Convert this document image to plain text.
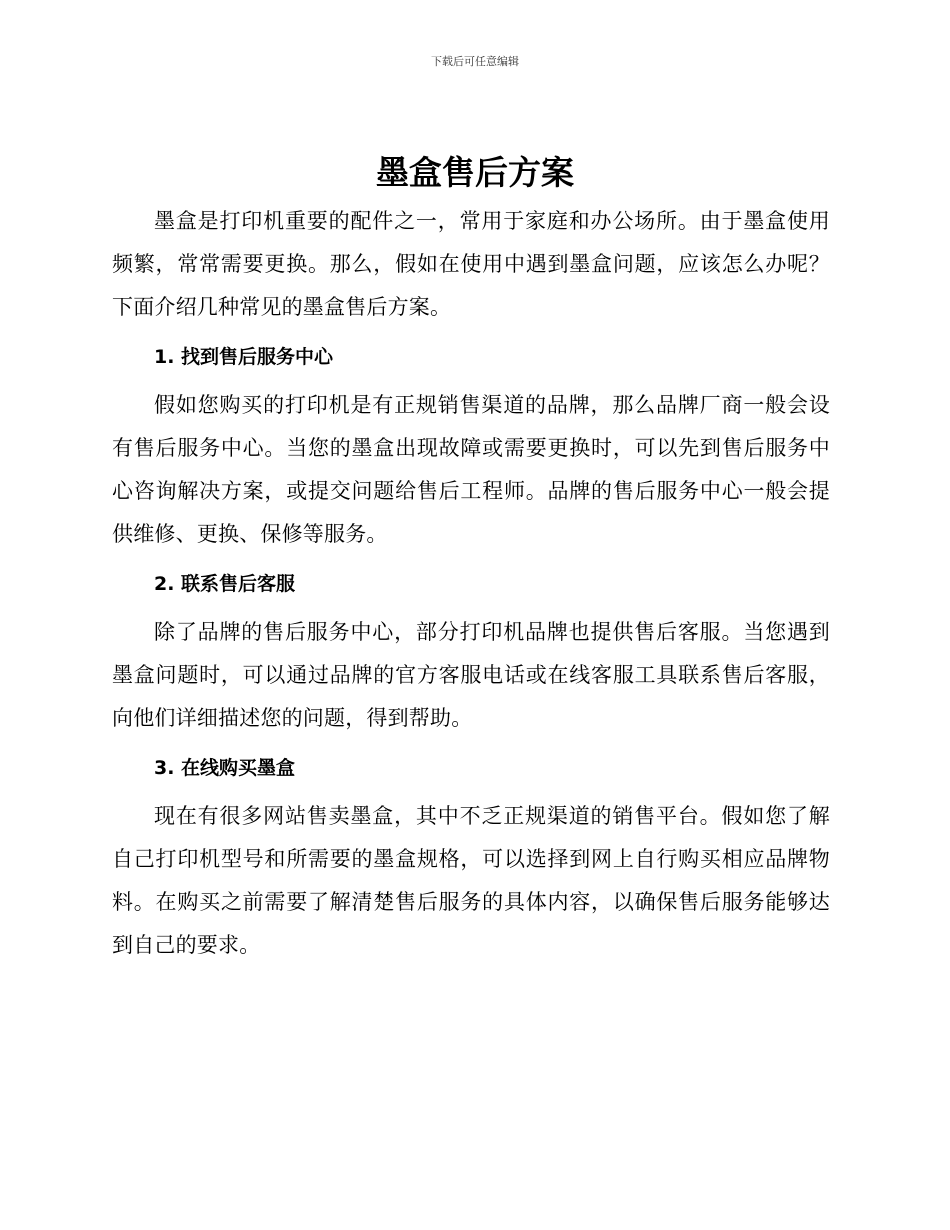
下载后可任意编辑
墨盒售后方案

墨盒是打印机重要的配件之一，常用于家庭和办公场所。由于墨盒使用频繁，常常需要更换。那么，假如在使用中遇到墨盒问题，应该怎么办呢？下面介绍几种常见的墨盒售后方案。

1. 找到售后服务中心

假如您购买的打印机是有正规销售渠道的品牌，那么品牌厂商一般会设有售后服务中心。当您的墨盒出现故障或需要更换时，可以先到售后服务中心咨询解决方案，或提交问题给售后工程师。品牌的售后服务中心一般会提供维修、更换、保修等服务。

2. 联系售后客服

除了品牌的售后服务中心，部分打印机品牌也提供售后客服。当您遇到墨盒问题时，可以通过品牌的官方客服电话或在线客服工具联系售后客服，向他们详细描述您的问题，得到帮助。

3. 在线购买墨盒

现在有很多网站售卖墨盒，其中不乏正规渠道的销售平台。假如您了解自己打印机型号和所需要的墨盒规格，可以选择到网上自行购买相应品牌物料。在购买之前需要了解清楚售后服务的具体内容，以确保售后服务能够达到自己的要求。
